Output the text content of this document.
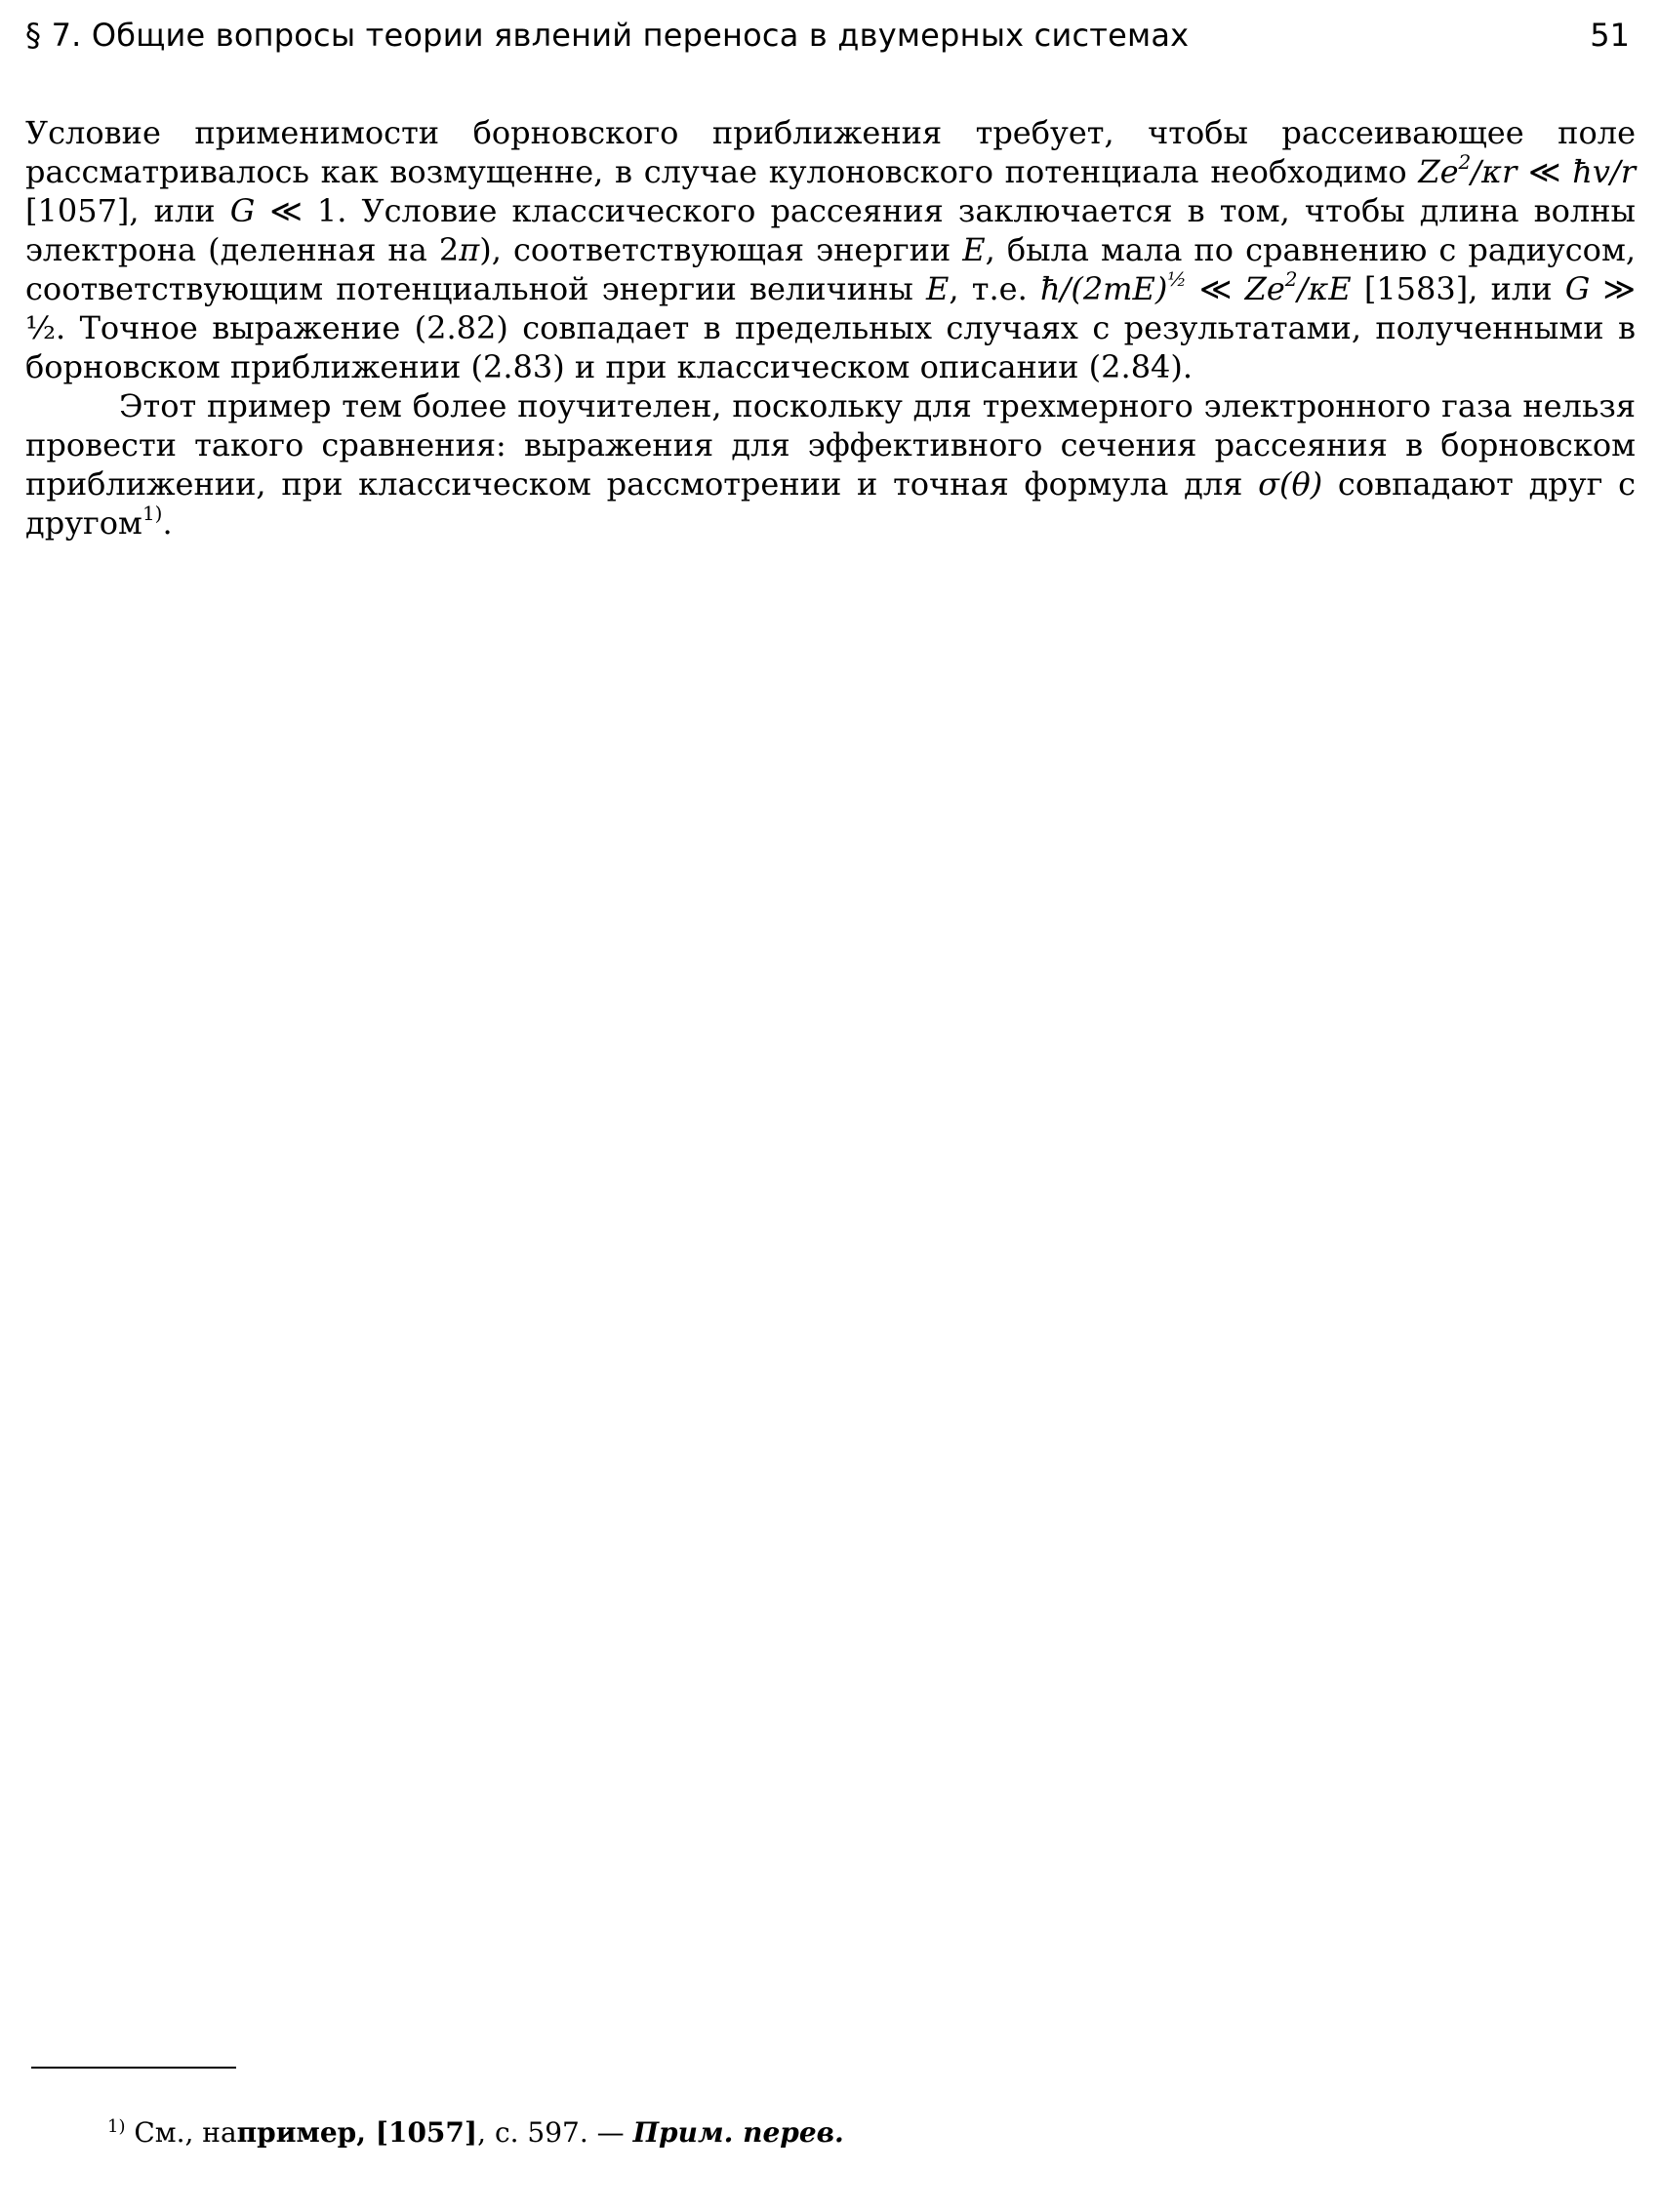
§ 7. Общие вопросы теории явлений переноса в двумерных системах	51

Условие применимости борновского приближения требует, чтобы рассеивающее поле рассматривалось как возмущенне, в случае кулоновского потенциала необходимо Ze$^2$/κr ≪ ħv/r [1057], или G ≪ 1. Условие классического рассеяния заключается в том, чтобы длина волны электрона (деленная на 2π), соответствующая энергии E, была мала по сравнению с радиусом, соответствующим потенциальной энергии величины E, т.е. $ħ/(2mE)^{\frac{1}{2}}$ ≪ Ze$^2$/κE [1583], или G ≫ ½. Точное выражение (2.82) совпадает в предельных случаях с результатами, полученными в борновском приближении (2.83) и при классическом описании (2.84).

Этот пример тем более поучителен, поскольку для трехмерного электронного газа нельзя провести такого сравнения: выражения для эффективного сечения рассеяния в борновском приближении, при классическом рассмотрении и точная формула для σ(θ) совпадают друг с другом$^{1)}$.

$^{1)}$ См., например, [1057], с. 597. — Прим. перев.
